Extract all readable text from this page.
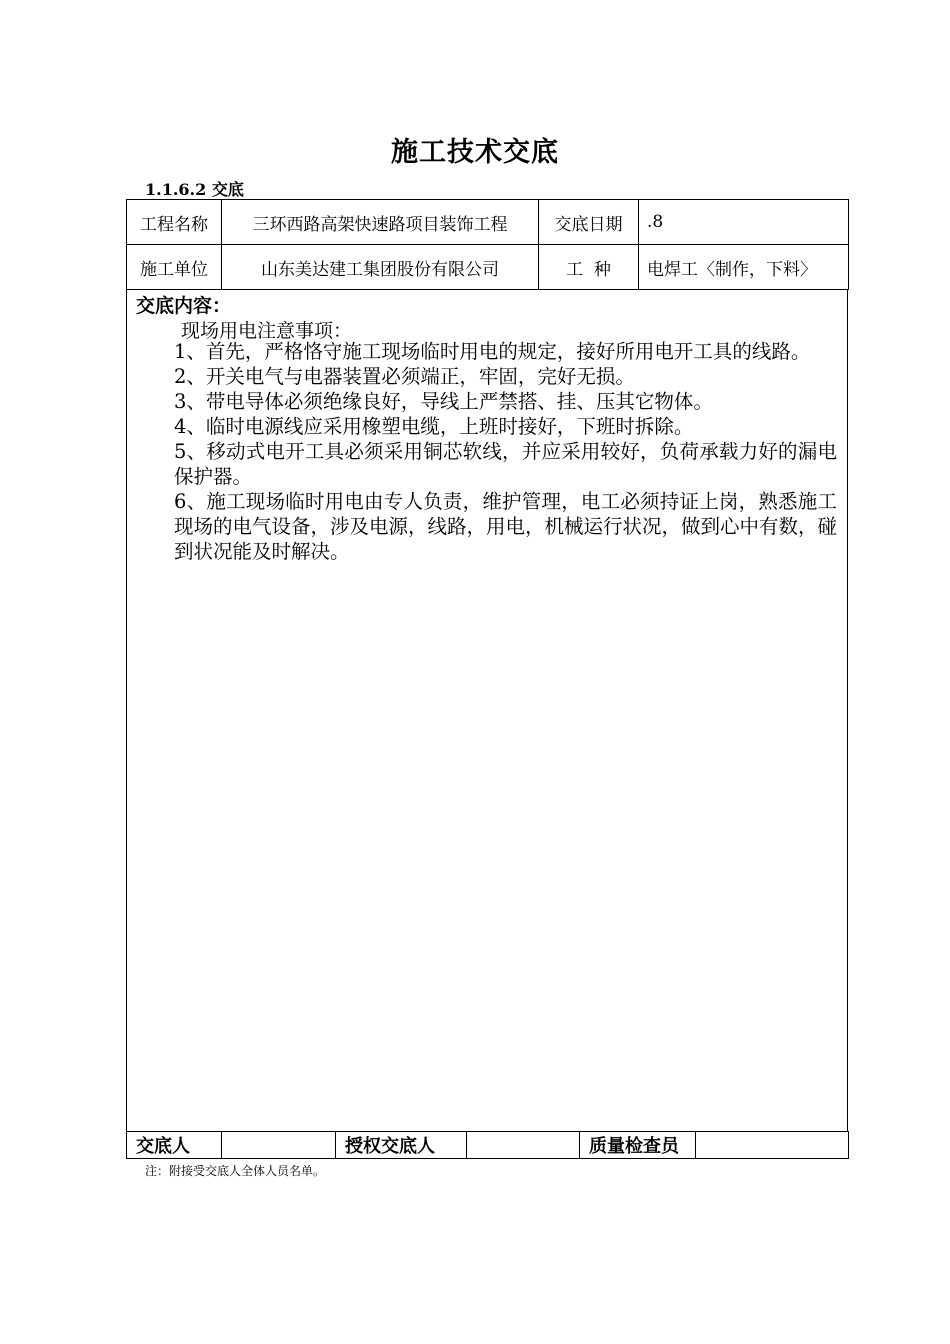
施工技术交底
1.1.6.2 交底
工程名称	三环西路高架快速路项目装饰工程	交底日期	.8
施工单位	山东美达建工集团股份有限公司	工  种	电焊工〈制作，下料〉
交底内容：
现场用电注意事项：

1、首先，严格恪守施工现场临时用电的规定，接好所用电开工具的线路。

2、开关电气与电器装置必须端正，牢固，完好无损。

3、带电导体必须绝缘良好，导线上严禁搭、挂、压其它物体。

4、临时电源线应采用橡塑电缆，上班时接好，下班时拆除。

5、移动式电开工具必须采用铜芯软线，并应采用较好，负荷承载力好的漏电保护器。

6、施工现场临时用电由专人负责，维护管理，电工必须持证上岗，熟悉施工现场的电气设备，涉及电源，线路，用电，机械运行状况，做到心中有数，碰到状况能及时解决。

交底人		授权交底人		质量检查员	
注：附接受交底人全体人员名单。
